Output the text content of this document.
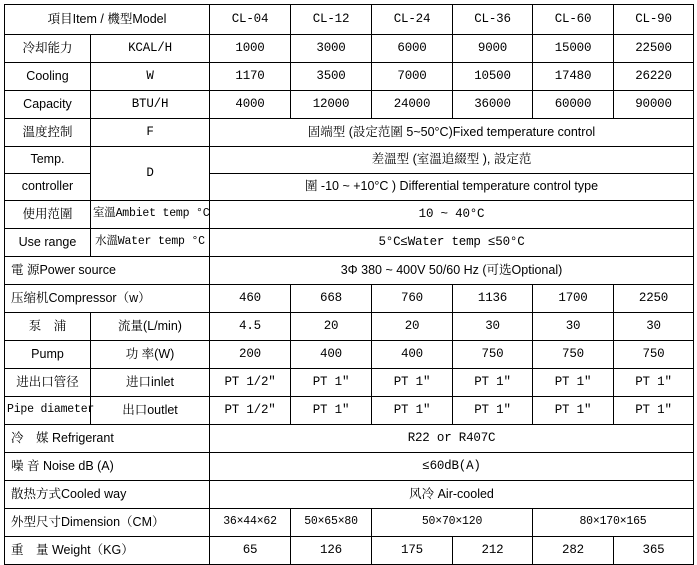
項目Item / 機型Model		CL-04	CL-12	CL-24	CL-36	CL-60	CL-90
冷却能力	KCAL/H	1000	3000	6000	9000	15000	22500
Cooling	W	1170	3500	7000	10500	17480	26220
Capacity	BTU/H	4000	12000	24000	36000	60000	90000
溫度控制	F	固端型 (設定范圍 5~50°C)Fixed temperature control					
Temp.	D	差溫型 (室溫追綴型 ), 設定范					
controller		圍 -10 ~ +10°C ) Differential temperature control type					
使用范圍	室溫Ambiet temp °C	10 ~ 40°C					
Use range	水溫Water temp °C	5°C≤Water temp ≤50°C					
電 源Power source		3Φ 380 ~ 400V 50/60 Hz (可选Optional)					
压缩机Compressor（w）		460	668	760	1136	1700	2250
泵　浦	流量(L/min)	4.5	20	20	30	30	30
Pump	功 率(W)	200	400	400	750	750	750
进出口管径	进口inlet	PT 1/2″	PT 1″	PT 1″	PT 1″	PT 1″	PT 1″
Pipe diameter	出口outlet	PT 1/2″	PT 1″	PT 1″	PT 1″	PT 1″	PT 1″
冷　媒 Refrigerant		R22 or R407C					
噪 音 Noise dB (A)		≤60dB(A)					
散热方式Cooled way		风冷 Air-cooled					
外型尺寸Dimension（CM）		36×44×62	50×65×80	50×70×120		80×170×165	
重　量 Weight（KG）		65	126	175	212	282	365
